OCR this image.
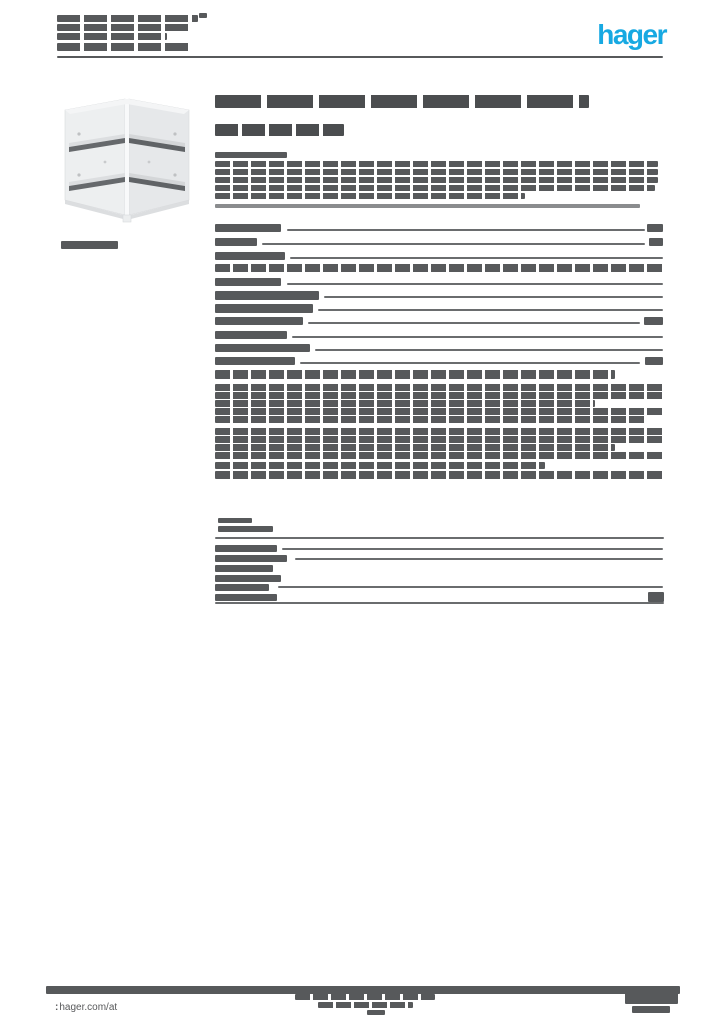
hager
: hager.com/at
